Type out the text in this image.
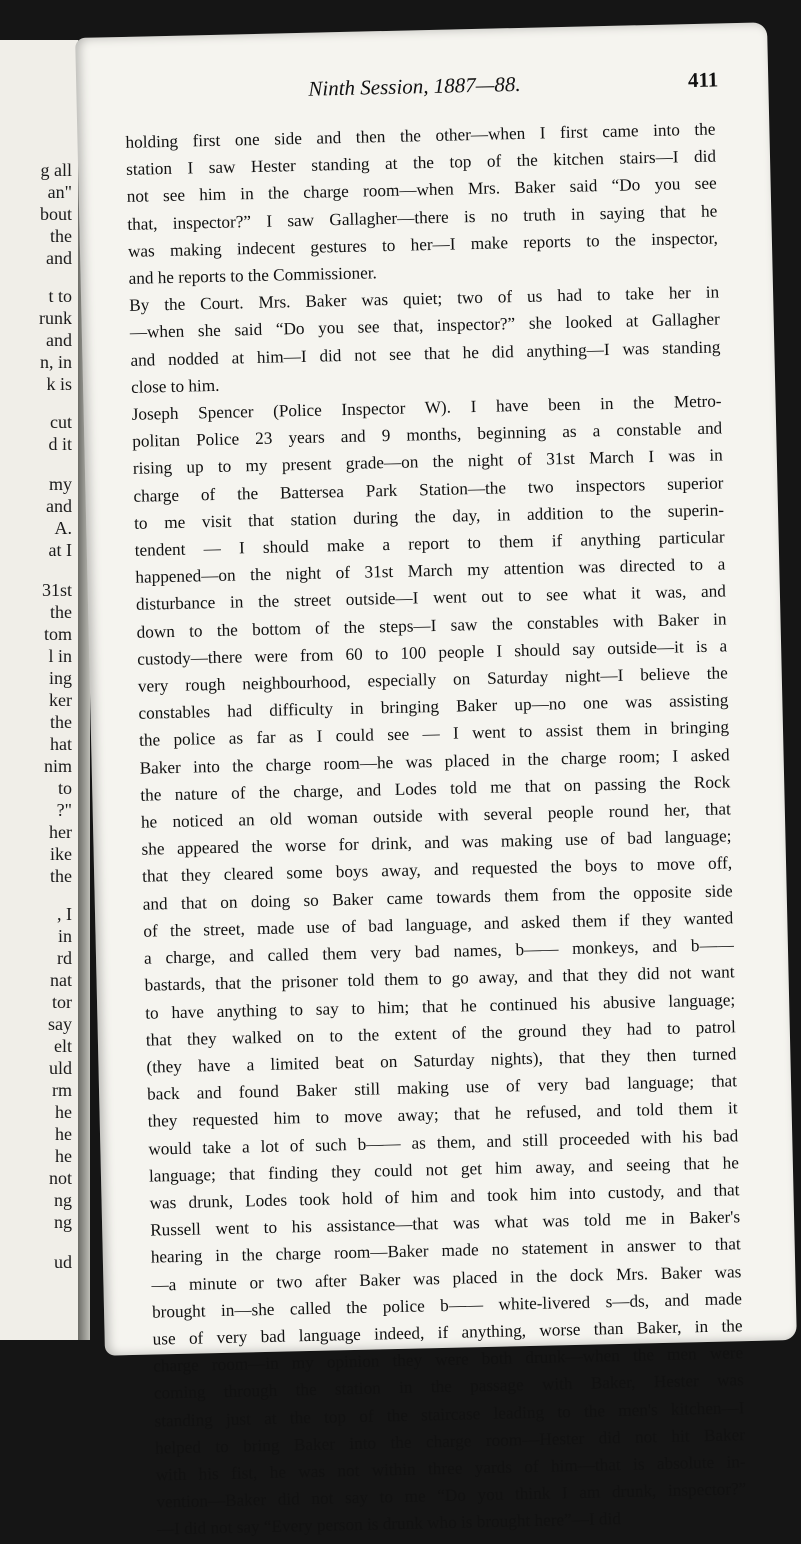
g all
an"
bout
the
and
t to
runk
and
n, in
k is
cut
d it
my
and
A.
at I
31st
the
tom
l in
ing
ker
the
hat
nim
to
?"
her
ike
the
, I
in
rd
nat
tor
say
elt
uld
rm
he
he
he
not
ng
ng
ud
Ninth Session, 1887—88.	411
holding first one side and then the other—when I first came into the
station I saw Hester standing at the top of the kitchen stairs—I did
not see him in the charge room—when Mrs. Baker said “Do you see
that, inspector?” I saw Gallagher—there is no truth in saying that he
was making indecent gestures to her—I make reports to the inspector,
and he reports to the Commissioner.
By the Court. Mrs. Baker was quiet; two of us had to take her in
—when she said “Do you see that, inspector?” she looked at Gallagher
and nodded at him—I did not see that he did anything—I was standing
close to him.
Joseph Spencer (Police Inspector W). I have been in the Metro-
politan Police 23 years and 9 months, beginning as a constable and
rising up to my present grade—on the night of 31st March I was in
charge of the Battersea Park Station—the two inspectors superior
to me visit that station during the day, in addition to the superin-
tendent — I should make a report to them if anything particular
happened—on the night of 31st March my attention was directed to a
disturbance in the street outside—I went out to see what it was, and
down to the bottom of the steps—I saw the constables with Baker in
custody—there were from 60 to 100 people I should say outside—it is a
very rough neighbourhood, especially on Saturday night—I believe the
constables had difficulty in bringing Baker up—no one was assisting
the police as far as I could see — I went to assist them in bringing
Baker into the charge room—he was placed in the charge room; I asked
the nature of the charge, and Lodes told me that on passing the Rock
he noticed an old woman outside with several people round her, that
she appeared the worse for drink, and was making use of bad language;
that they cleared some boys away, and requested the boys to move off,
and that on doing so Baker came towards them from the opposite side
of the street, made use of bad language, and asked them if they wanted
a charge, and called them very bad names, b—— monkeys, and b——
bastards, that the prisoner told them to go away, and that they did not want
to have anything to say to him; that he continued his abusive language;
that they walked on to the extent of the ground they had to patrol
(they have a limited beat on Saturday nights), that they then turned
back and found Baker still making use of very bad language; that
they requested him to move away; that he refused, and told them it
would take a lot of such b—— as them, and still proceeded with his bad
language; that finding they could not get him away, and seeing that he
was drunk, Lodes took hold of him and took him into custody, and that
Russell went to his assistance—that was what was told me in Baker's
hearing in the charge room—Baker made no statement in answer to that
—a minute or two after Baker was placed in the dock Mrs. Baker was
brought in—she called the police b—— white-livered s—ds, and made
use of very bad language indeed, if anything, worse than Baker, in the
charge room—in my opinion they were both drunk—when the men were
coming through the station in the passage with Baker, Hester was
standing just at the top of the staircase leading to the men's kitchen—I
helped to bring Baker into the charge room—Hester did not hit Baker
with his fist, he was not within three yards of him—that is absolute in-
vention—Baker did not say to me “Do you think I am drunk, inspector?”
—I did not say “Every person is drunk who is brought here”—I did
